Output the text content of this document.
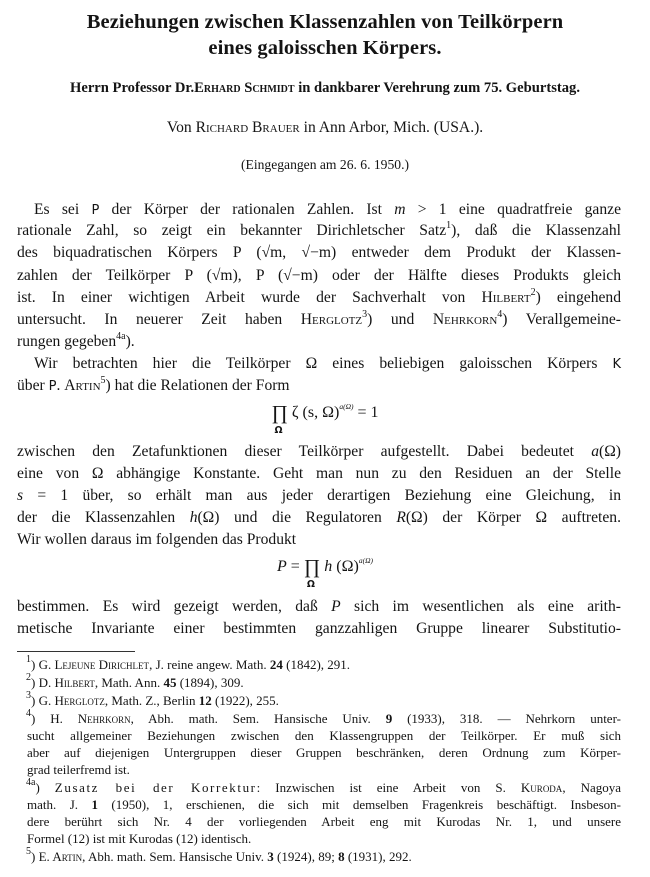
Beziehungen zwischen Klassenzahlen von Teilkörpern
eines galoisschen Körpers.
Herrn Professor Dr.Erhard Schmidt in dankbarer Verehrung zum 75. Geburtstag.
Von Richard Brauer in Ann Arbor, Mich. (USA.).
(Eingegangen am 26. 6. 1950.)
Es sei P der Körper der rationalen Zahlen. Ist m > 1 eine quadratfreie ganze
rationale Zahl, so zeigt ein bekannter Dirichletscher Satz$^1$), daß die Klassenzahl
des biquadratischen Körpers P (√m, √−m) entweder dem Produkt der Klassen-
zahlen der Teilkörper P (√m), P (√−m) oder der Hälfte dieses Produkts gleich
ist. In einer wichtigen Arbeit wurde der Sachverhalt von Hilbert$^2$) eingehend
untersucht. In neuerer Zeit haben Herglotz$^3$) und Nehrkorn$^4$) Verallgemeine-
rungen gegeben$^{4a}$).
Wir betrachten hier die Teilkörper Ω eines beliebigen galoisschen Körpers K
über P. Artin$^5$) hat die Relationen der Form
∏
Ω
ζ (s, Ω)$^{a(\Omega)}$ = 1
zwischen den Zetafunktionen dieser Teilkörper aufgestellt. Dabei bedeutet a(Ω)
eine von Ω abhängige Konstante. Geht man nun zu den Residuen an der Stelle
s = 1 über, so erhält man aus jeder derartigen Beziehung eine Gleichung, in
der die Klassenzahlen h(Ω) und die Regulatoren R(Ω) der Körper Ω auftreten.
Wir wollen daraus im folgenden das Produkt
P = ∏
Ω
h $(\Omega)^{a(\Omega)}$
bestimmen. Es wird gezeigt werden, daß P sich im wesentlichen als eine arith-
metische Invariante einer bestimmten ganzzahligen Gruppe linearer Substitutio-
$^1$) G. Lejeune Dirichlet, J. reine angew. Math. 24 (1842), 291.
$^2$) D. Hilbert, Math. Ann. 45 (1894), 309.
$^3$) G. Herglotz, Math. Z., Berlin 12 (1922), 255.
$^4$) H. Nehrkorn, Abh. math. Sem. Hansische Univ. 9 (1933), 318. — Nehrkorn unter-
sucht allgemeiner Beziehungen zwischen den Klassengruppen der Teilkörper. Er muß sich
aber auf diejenigen Untergruppen dieser Gruppen beschränken, deren Ordnung zum Körper-
grad teilerfremd ist.
$^{4a}$) Zusatz bei der Korrektur: Inzwischen ist eine Arbeit von S. Kuroda, Nagoya
math. J. 1 (1950), 1, erschienen, die sich mit demselben Fragenkreis beschäftigt. Insbeson-
dere berührt sich Nr. 4 der vorliegenden Arbeit eng mit Kurodas Nr. 1, und unsere
Formel (12) ist mit Kurodas (12) identisch.
$^5$) E. Artin, Abh. math. Sem. Hansische Univ. 3 (1924), 89; 8 (1931), 292.
